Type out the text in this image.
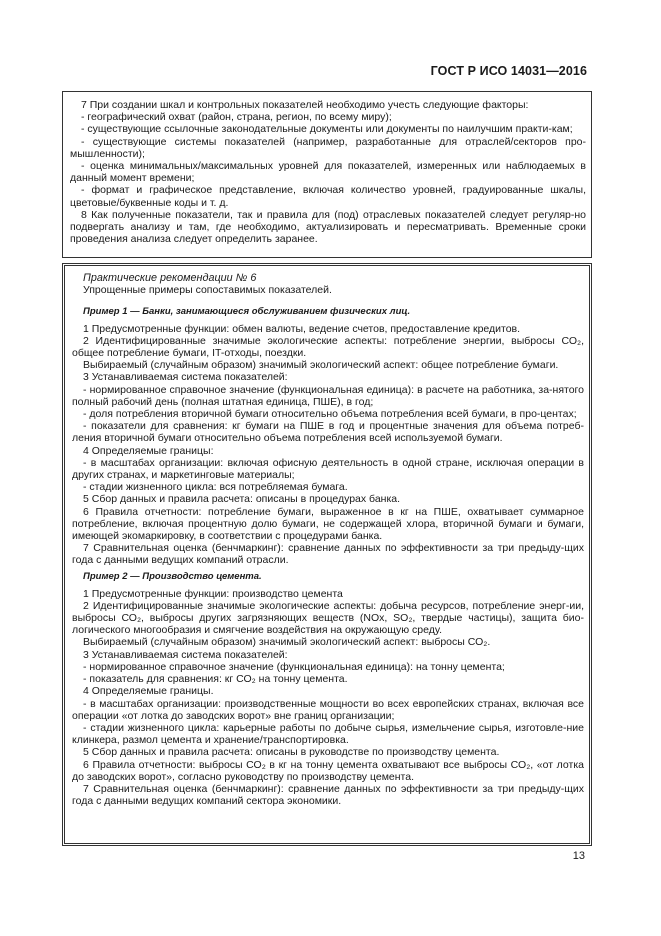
ГОСТ Р ИСО 14031—2016

7 При создании шкал и контрольных показателей необходимо учесть следующие факторы:

- географический охват (район, страна, регион, по всему миру);

- существующие ссылочные законодательные документы или документы по наилучшим практи-кам;

- существующие системы показателей (например, разработанные для отраслей/секторов про-мышленности);

- оценка минимальных/максимальных уровней для показателей, измеренных или наблюдаемых в данный момент времени;

- формат и графическое представление, включая количество уровней, градуированные шкалы, цветовые/буквенные коды и т. д.

8 Как полученные показатели, так и правила для (под) отраслевых показателей следует регуляр-но подвергать анализу и там, где необходимо, актуализировать и пересматривать. Временные сроки проведения анализа следует определить заранее.

Практические рекомендации № 6

Упрощенные примеры сопоставимых показателей.

Пример 1 — Банки, занимающиеся обслуживанием физических лиц.

1 Предусмотренные функции: обмен валюты, ведение счетов, предоставление кредитов.

2 Идентифицированные значимые экологические аспекты: потребление энергии, выбросы СО₂, общее потребление бумаги, IT-отходы, поездки.

Выбираемый (случайным образом) значимый экологический аспект: общее потребление бумаги.

3 Устанавливаемая система показателей:

- нормированное справочное значение (функциональная единица): в расчете на работника, за-нятого полный рабочий день (полная штатная единица, ПШЕ), в год;

- доля потребления вторичной бумаги относительно объема потребления всей бумаги, в про-центах;

- показатели для сравнения: кг бумаги на ПШЕ в год и процентные значения для объема потреб-ления вторичной бумаги относительно объема потребления всей используемой бумаги.

4 Определяемые границы:

- в масштабах организации: включая офисную деятельность в одной стране, исключая операции в других странах, и маркетинговые материалы;

- стадии жизненного цикла: вся потребляемая бумага.

5 Сбор данных и правила расчета: описаны в процедурах банка.

6 Правила отчетности: потребление бумаги, выраженное в кг на ПШЕ, охватывает суммарное потребление, включая процентную долю бумаги, не содержащей хлора, вторичной бумаги и бумаги, имеющей экомаркировку, в соответствии с процедурами банка.

7 Сравнительная оценка (бенчмаркинг): сравнение данных по эффективности за три предыду-щих года с данными ведущих компаний отрасли.

Пример 2 — Производство цемента.

1 Предусмотренные функции: производство цемента

2 Идентифицированные значимые экологические аспекты: добыча ресурсов, потребление энерг-ии, выбросы СО₂, выбросы других загрязняющих веществ (NOx, SO₂, твердые частицы), защита био-логического многообразия и смягчение воздействия на окружающую среду.

Выбираемый (случайным образом) значимый экологический аспект: выбросы СО₂.

3 Устанавливаемая система показателей:

- нормированное справочное значение (функциональная единица): на тонну цемента;

- показатель для сравнения: кг СО₂ на тонну цемента.

4 Определяемые границы.

- в масштабах организации: производственные мощности во всех европейских странах, включая все операции «от лотка до заводских ворот» вне границ организации;

- стадии жизненного цикла: карьерные работы по добыче сырья, измельчение сырья, изготовле-ние клинкера, размол цемента и хранение/транспортировка.

5 Сбор данных и правила расчета: описаны в руководстве по производству цемента.

6 Правила отчетности: выбросы СО₂ в кг на тонну цемента охватывают все выбросы СО₂, «от лотка до заводских ворот», согласно руководству по производству цемента.

7 Сравнительная оценка (бенчмаркинг): сравнение данных по эффективности за три предыду-щих года с данными ведущих компаний сектора экономики.

13
